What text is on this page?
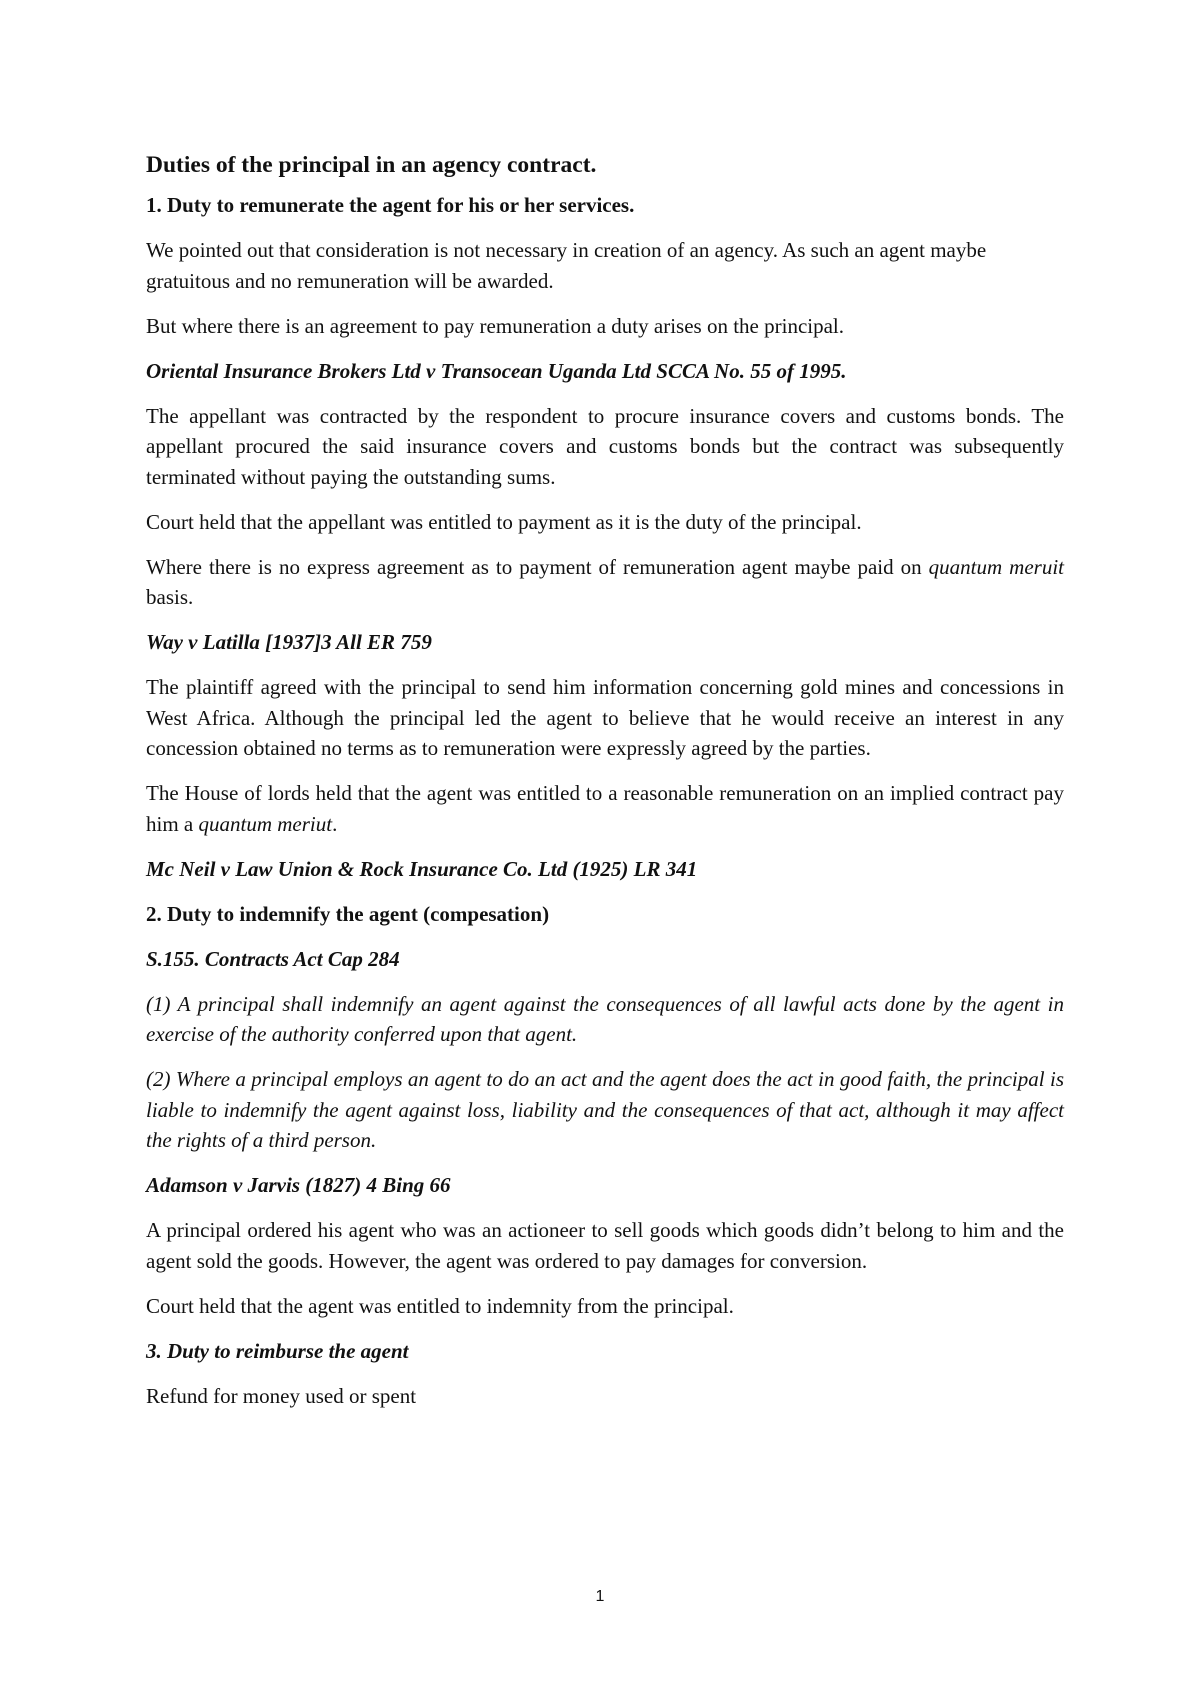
Duties of the principal in an agency contract.
1. Duty to remunerate the agent for his or her services.
We pointed out that consideration is not necessary in creation of an agency. As such an agent maybe gratuitous and no remuneration will be awarded.
But where there is an agreement to pay remuneration a duty arises on the principal.
Oriental Insurance Brokers Ltd v Transocean Uganda Ltd SCCA No. 55 of 1995.
The appellant was contracted by the respondent to procure insurance covers and customs bonds. The appellant procured the said insurance covers and customs bonds but the contract was subsequently terminated without paying the outstanding sums.
Court held that the appellant was entitled to payment as it is the duty of the principal.
Where there is no express agreement as to payment of remuneration agent maybe paid on quantum meruit basis.
Way v Latilla [1937]3 All ER 759
The plaintiff agreed with the principal to send him information concerning gold mines and concessions in West Africa. Although the principal led the agent to believe that he would receive an interest in any concession obtained no terms as to remuneration were expressly agreed by the parties.
The House of lords held that the agent was entitled to a reasonable remuneration on an implied contract pay him a quantum meriut.
Mc Neil v Law Union & Rock Insurance Co. Ltd (1925) LR 341
2. Duty to indemnify the agent (compesation)
S.155. Contracts Act Cap 284
(1) A principal shall indemnify an agent against the consequences of all lawful acts done by the agent in exercise of the authority conferred upon that agent.
(2) Where a principal employs an agent to do an act and the agent does the act in good faith, the principal is liable to indemnify the agent against loss, liability and the consequences of that act, although it may affect the rights of a third person.
Adamson v Jarvis (1827) 4 Bing 66
A principal ordered his agent who was an actioneer to sell goods which goods didn’t belong to him and the agent sold the goods. However, the agent was ordered to pay damages for conversion.
Court held that the agent was entitled to indemnity from the principal.
3. Duty to reimburse the agent
Refund for money used or spent
1
